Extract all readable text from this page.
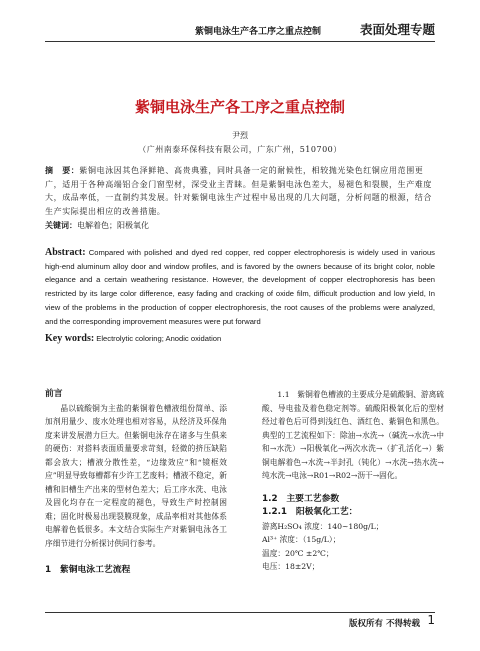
紫铜电泳生产各工序之重点控制	表面处理专题
紫铜电泳生产各工序之重点控制
尹烈
（广州南泰环保科技有限公司，广东广州，510700）
摘　要：紫铜电泳因其色泽鲜艳、高贵典雅，同时具备一定的耐候性，相较抛光染色红铜应用范围更广，适用于各种高端铝合金门窗型材，深受业主青睐。但是紫铜电泳色差大，易褪色和裂膜，生产难度大，成品率低，一直制约其发展。针对紫铜电泳生产过程中易出现的几大问题，分析问题的根源，结合生产实际提出相应的改善措施。
关键词：电解着色；阳极氧化
Abstract: Compared with polished and dyed red copper, red copper electrophoresis is widely used in various high-end aluminum alloy door and window profiles, and is favored by the owners because of its bright color, noble elegance and a certain weathering resistance. However, the development of copper electrophoresis has been restricted by its large color difference, easy fading and cracking of oxide film, difficult production and low yield, In view of the problems in the production of copper electrophoresis, the root causes of the problems were analyzed, and the corresponding improvement measures were put forward
Key words: Electrolytic coloring; Anodic oxidation

前言

晶以硫酸铜为主盐的紫铜着色槽液组份简单、添加剂用量少、废水处理也相对容易，从经济及环保角度来讲发展潜力巨大。但紫铜电泳存在诸多与生俱来的硬伤：对搭料表面质量要求苛刻，轻微的挤压缺陷都会放大；槽液分散性差，“边缘效应”和“镜框效应”明显导致每槽都有少许工艺废料；槽液不稳定，新槽和旧槽生产出来的型材色差大；后工序水洗、电泳及固化均存在一定程度的褪色，导致生产时控制困难；固化时极易出现裂膜现象，成品率相对其他体系电解着色低很多。本文结合实际生产对紫铜电泳各工序细节进行分析探讨供同行参考。

1　紫铜电泳工艺流程

1.1　紫铜着色槽液的主要成分是硫酸铜、游离硫酸、导电盐及着色稳定剂等。硫酸阳极氧化后的型材经过着色后可得到浅红色、酒红色、紫铜色和黑色。典型的工艺流程如下：除油→水洗→（碱洗→水洗→中和→水洗）→阳极氧化→两次水洗→（扩孔活化→）紫铜电解着色→水洗→半封孔（钝化）→水洗→热水洗→纯水洗→电泳→R01→R02→沥干→固化。

1.2　主要工艺参数

1.2.1　阳极氧化工艺：

游离H₂SO₄ 浓度：140~180g/L；
Al³⁺ 浓度：（15g/L）；
温度：20℃ ±2℃；
电压：18±2V；
版权所有 不得转载 1
